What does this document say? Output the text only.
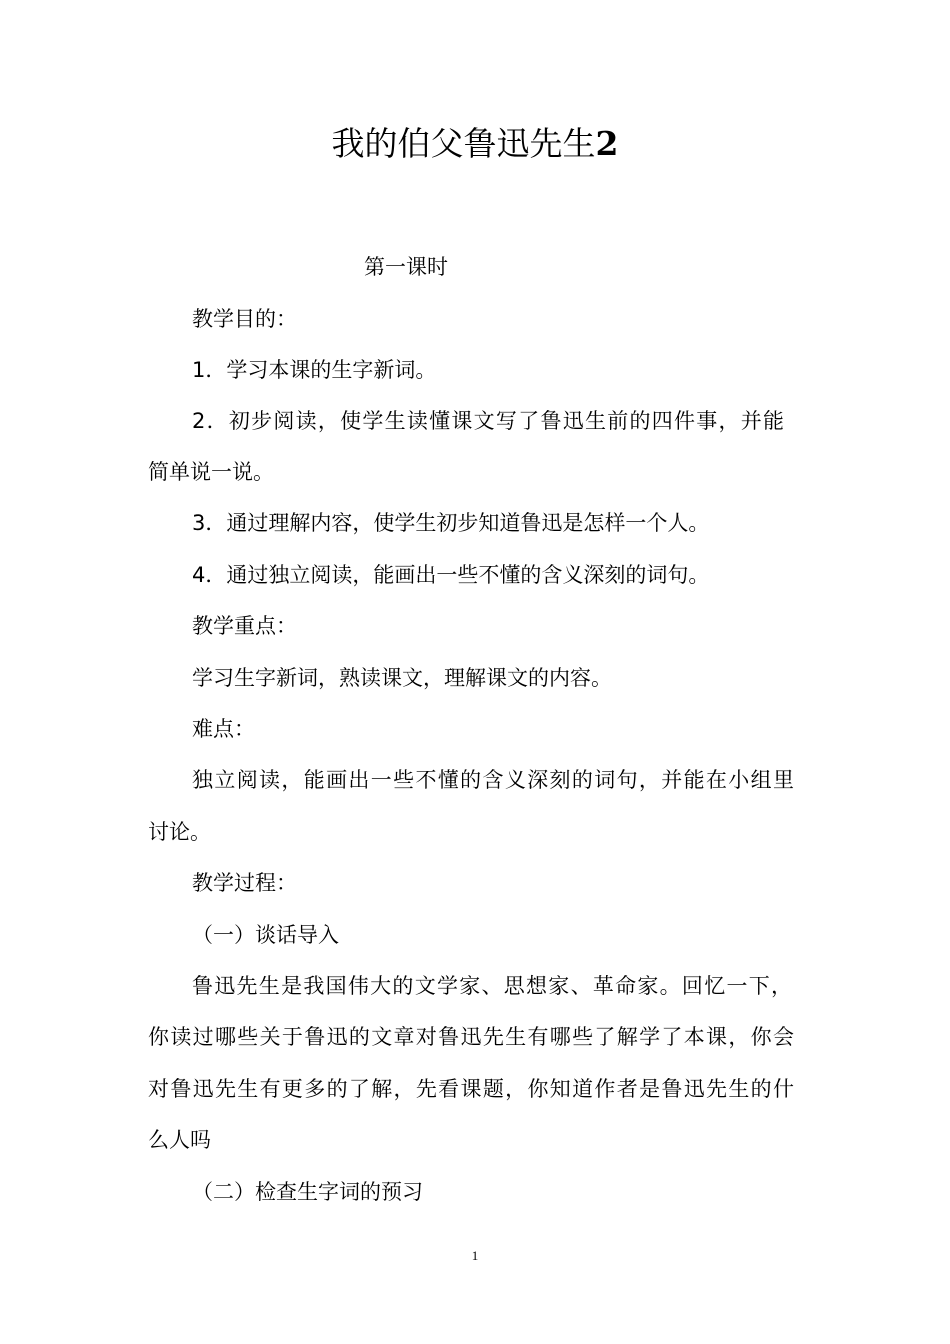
我的伯父鲁迅先生2
第一课时
教学目的：
1．学习本课的生字新词。
2．初步阅读，使学生读懂课文写了鲁迅生前的四件事，并能
简单说一说。
3．通过理解内容，使学生初步知道鲁迅是怎样一个人。
4．通过独立阅读，能画出一些不懂的含义深刻的词句。
教学重点：
学习生字新词，熟读课文，理解课文的内容。
难点：
独立阅读，能画出一些不懂的含义深刻的词句，并能在小组里
讨论。
教学过程：
（一）谈话导入
鲁迅先生是我国伟大的文学家、思想家、革命家。回忆一下，
你读过哪些关于鲁迅的文章对鲁迅先生有哪些了解学了本课，你会
对鲁迅先生有更多的了解，先看课题，你知道作者是鲁迅先生的什
么人吗
（二）检查生字词的预习
1
